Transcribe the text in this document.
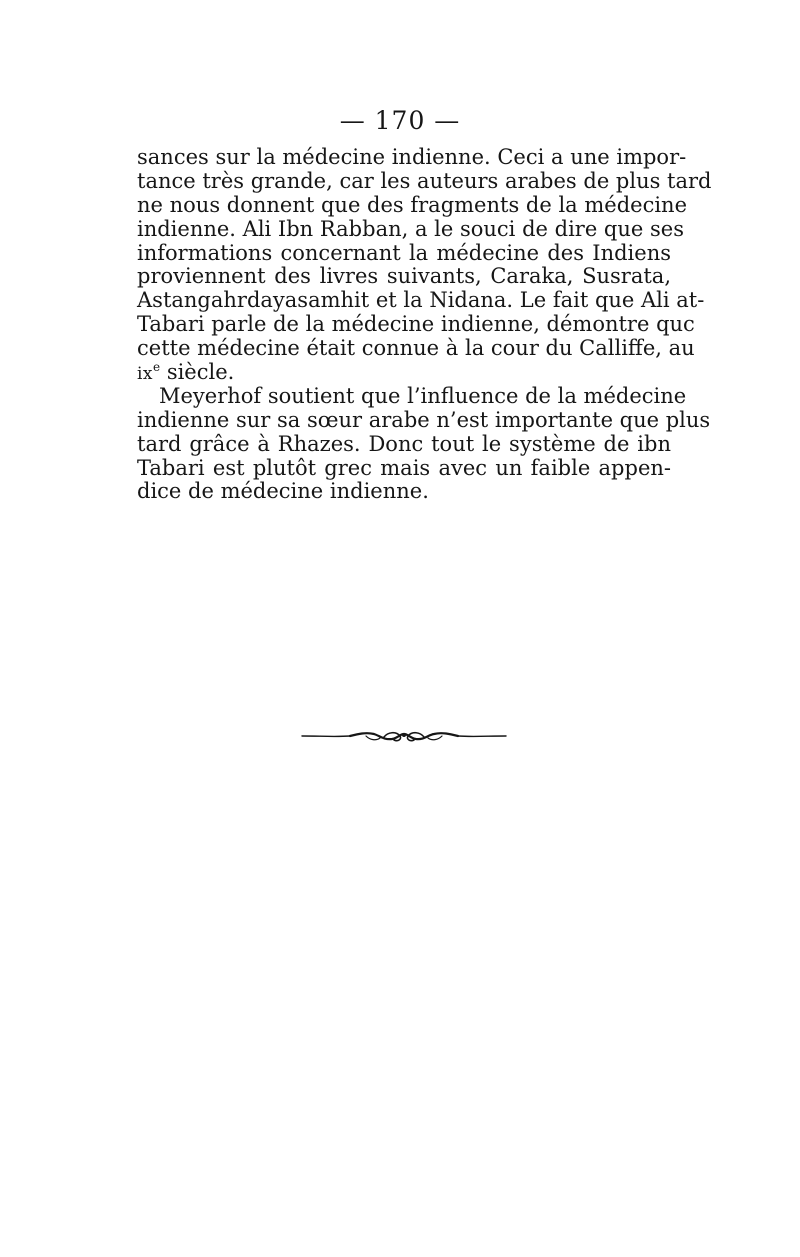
— 170 —
sances sur la médecine indienne. Ceci a une impor-
tance très grande, car les auteurs arabes de plus tard
ne nous donnent que des fragments de la médecine
indienne. Ali Ibn Rabban, a le souci de dire que ses
informations concernant la médecine des Indiens
proviennent des livres suivants, Caraka, Susrata,
Astangahrdayasamhit et la Nidana. Le fait que Ali at-
Tabari parle de la médecine indienne, démontre quc
cette médecine était connue à la cour du Calliffe, au
$ix^e$ siècle.
Meyerhof soutient que l’influence de la médecine
indienne sur sa sœur arabe n’est importante que plus
tard grâce à Rhazes. Donc tout le système de ibn
Tabari est plutôt grec mais avec un faible appen-
dice de médecine indienne.
